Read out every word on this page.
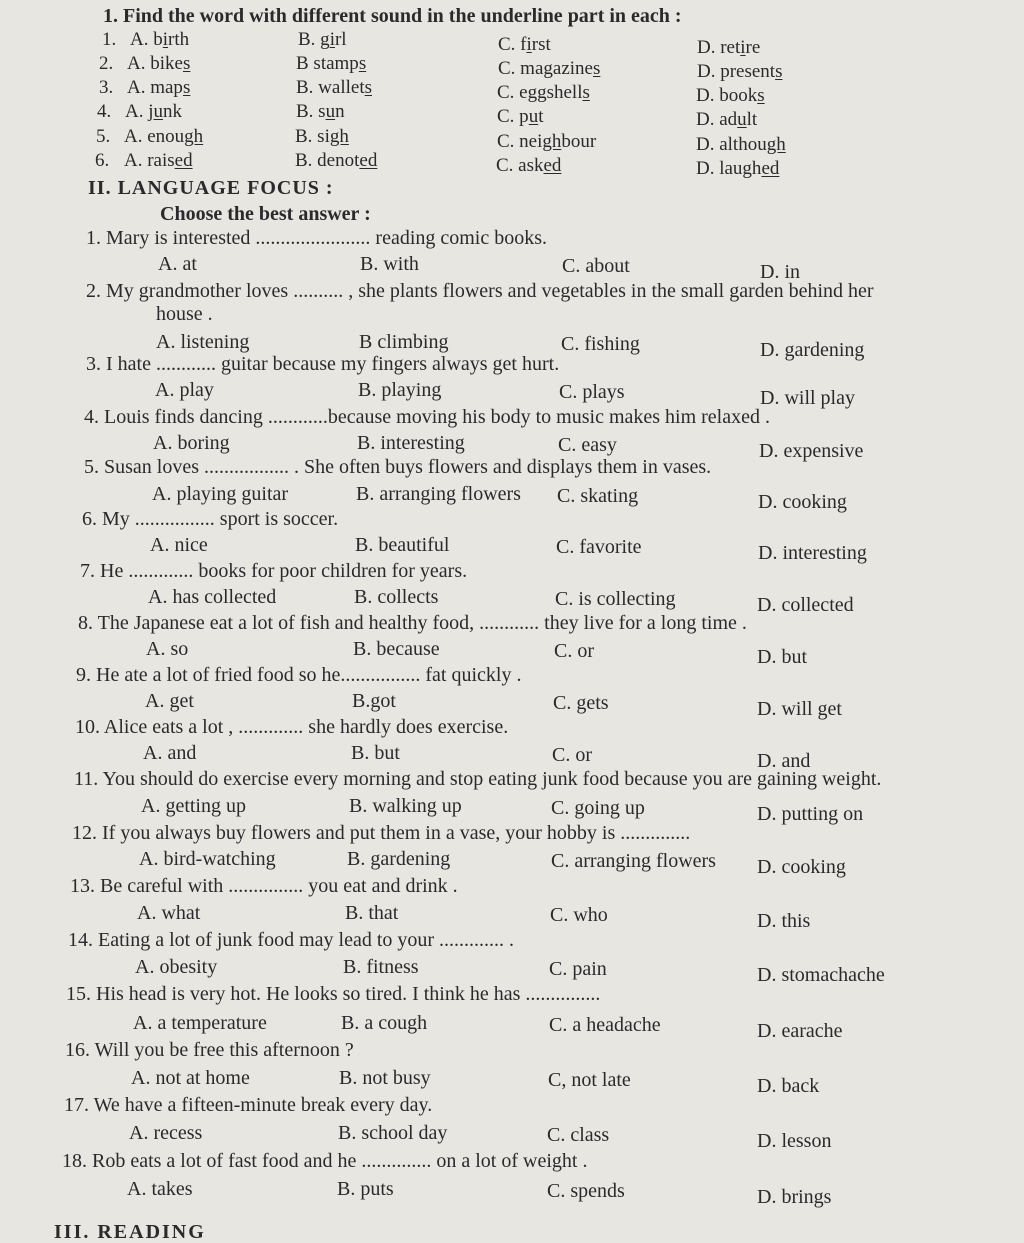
1. Find the word with different sound in the underline part in each :
1. A. birth	B. girl	C. first	D. retire
2. A. bikes	B stamps	C. magazines	D. presents
3. A. maps	B. wallets	C. eggshells	D. books
4. A. junk	B. sun	C. put	D. adult
5. A. enough	B. sigh	C. neighbour	D. although
6. A. raised	B. denoted	C. asked	D. laughed
II. LANGUAGE FOCUS :
Choose the best answer :
1. Mary is interested ....................... reading comic books.
A. at	B. with	C. about	D. in
2. My grandmother loves .......... , she plants flowers and vegetables in the small garden behind her
house .
A. listening	B climbing	C. fishing	D. gardening
3. I hate ............ guitar because my fingers always get hurt.
A. play	B. playing	C. plays	D. will play
4. Louis finds dancing ............because moving his body to music makes him relaxed .
A. boring	B. interesting	C. easy	D. expensive
5. Susan loves ................. . She often buys flowers and displays them in vases.
A. playing guitar	B. arranging flowers C. skating	D. cooking
6. My ................ sport is soccer.
A. nice	B. beautiful	C. favorite	D. interesting
7. He ............. books for poor children for years.
A. has collected	B. collects	C. is collecting	D. collected
8. The Japanese eat a lot of fish and healthy food, ............ they live for a long time .
A. so	B. because	C. or	D. but
9. He ate a lot of fried food so he................ fat quickly .
A. get	B.got	C. gets	D. will get
10. Alice eats a lot , ............. she hardly does exercise.
A. and	B. but	C. or	D. and
11. You should do exercise every morning and stop eating junk food because you are gaining weight.
A. getting up	B. walking up	C. going up	D. putting on
12. If you always buy flowers and put them in a vase, your hobby is ..............
A. bird-watching	B. gardening	C. arranging flowers D. cooking
13. Be careful with ............... you eat and drink .
A. what	B. that	C. who	D. this
14. Eating a lot of junk food may lead to your ............. .
A. obesity	B. fitness	C. pain	D. stomachache
15. His head is very hot. He looks so tired. I think he has ...............
A. a temperature	B. a cough	C. a headache	D. earache
16. Will you be free this afternoon ?
A. not at home	B. not busy	C, not late	D. back
17. We have a fifteen-minute break every day.
A. recess	B. school day	C. class	D. lesson
18. Rob eats a lot of fast food and he .............. on a lot of weight .
A. takes	B. puts	C. spends	D. brings
III. READING
